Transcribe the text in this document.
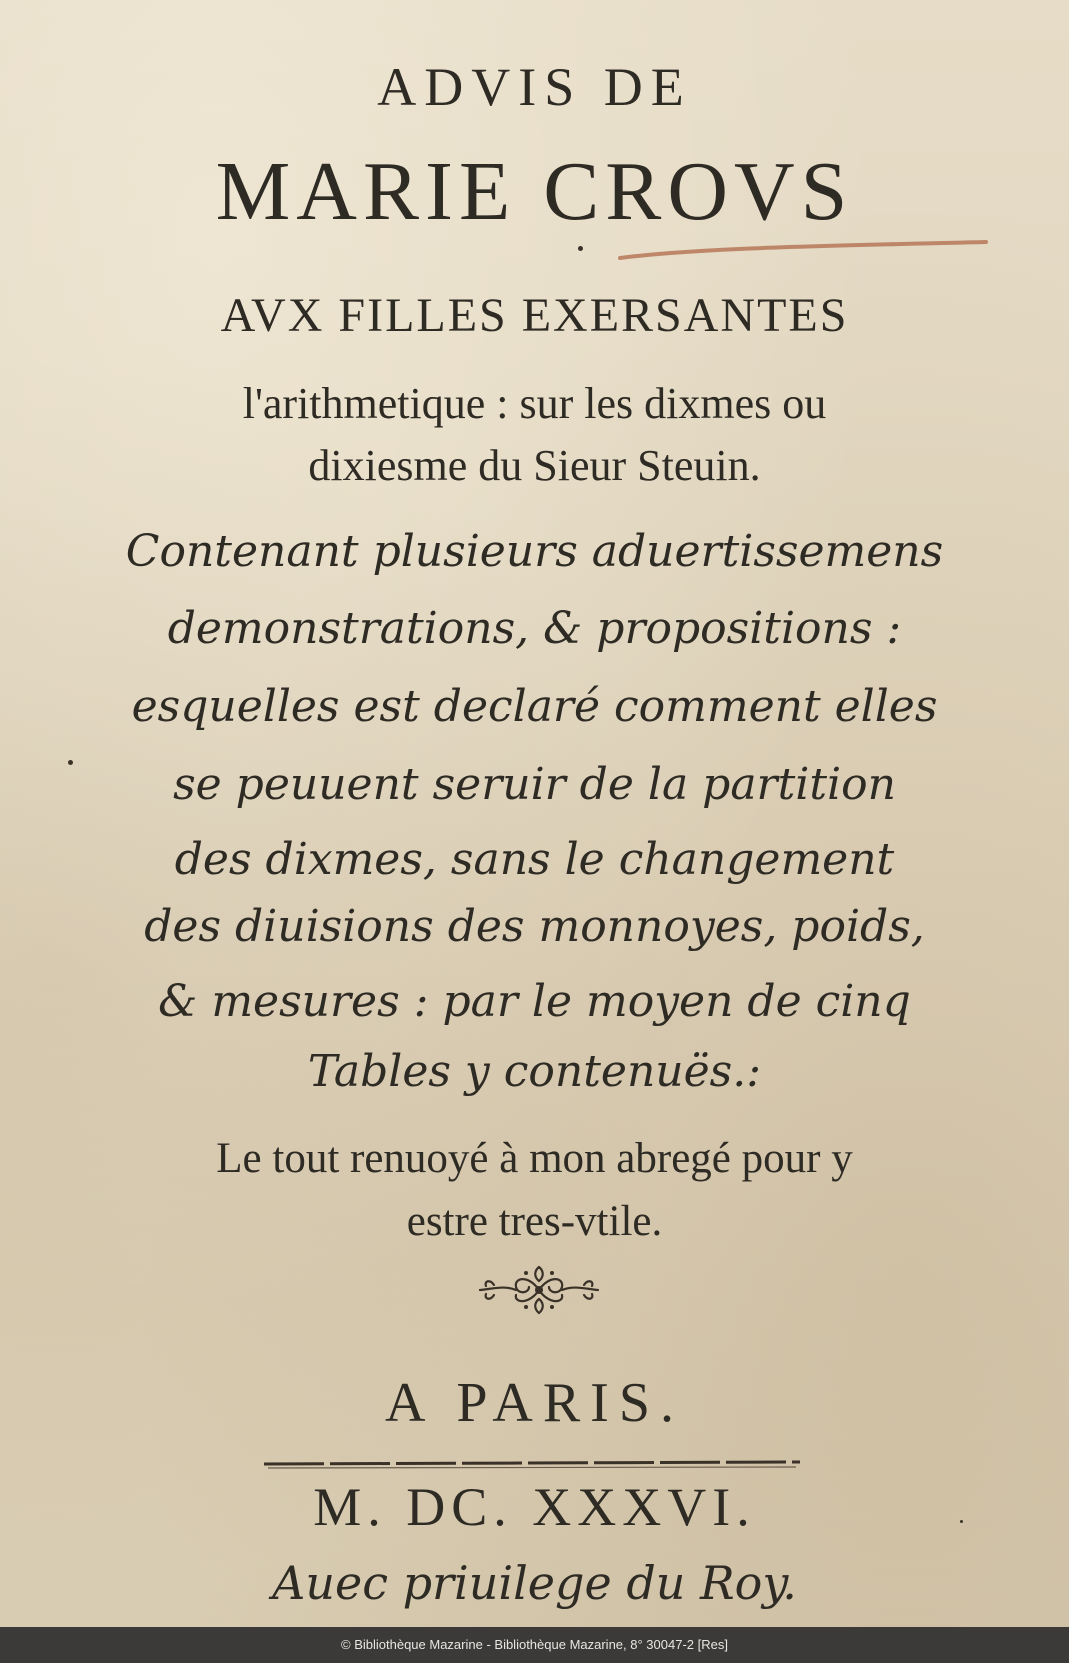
ADVIS DE
MARIE CROVS
AVX FILLES EXERSANTES
l'arithmetique : sur les dixmes ou
dixiesme du Sieur Steuin.
Contenant plusieurs aduertissemens
demonstrations, & propositions :
esquelles est declaré comment elles
se peuuent seruir de la partition
des dixmes, sans le changement
des diuisions des monnoyes, poids,
& mesures : par le moyen de cinq
Tables y contenuës.:
Le tout renuoyé à mon abregé pour y
estre tres-vtile.
A PARIS.
M. DC. XXXVI.
Auec priuilege du Roy.
© Bibliothèque Mazarine - Bibliothèque Mazarine, 8° 30047-2 [Res]
